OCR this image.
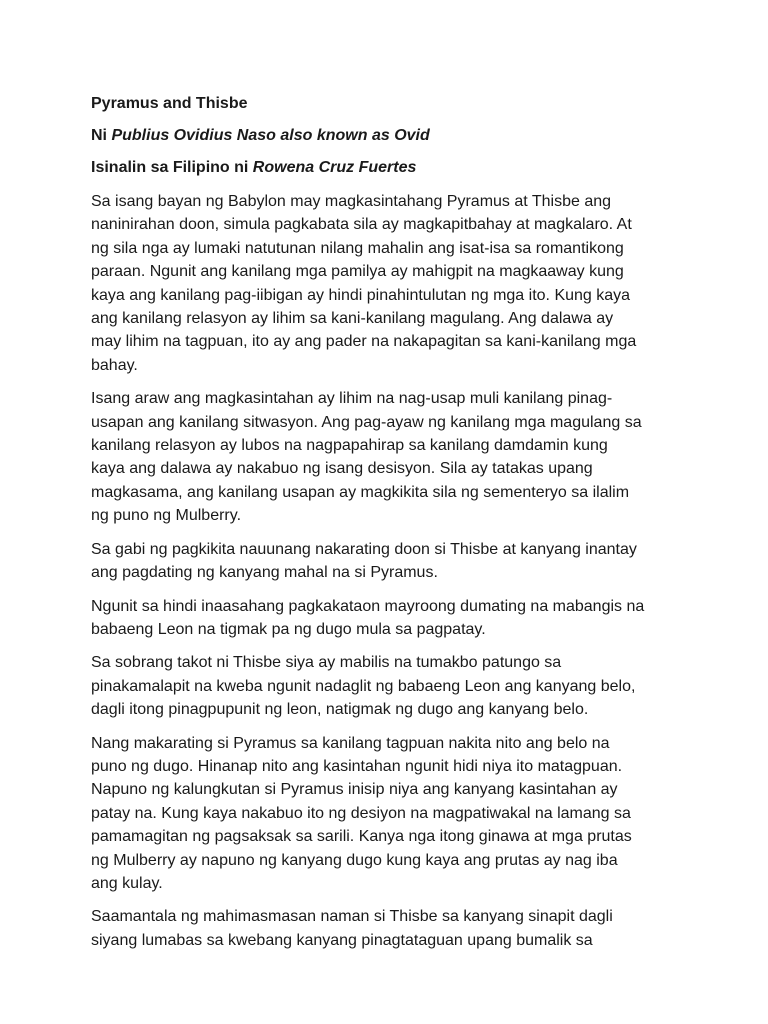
Pyramus and Thisbe
Ni Publius Ovidius Naso also known as Ovid
Isinalin sa Filipino ni Rowena Cruz Fuertes
Sa isang bayan ng Babylon may magkasintahang Pyramus at Thisbe ang
naninirahan doon, simula pagkabata sila ay magkapitbahay at magkalaro. At
ng sila nga ay lumaki natutunan nilang mahalin ang isat-isa sa romantikong
paraan. Ngunit ang kanilang mga pamilya ay mahigpit na magkaaway kung
kaya ang kanilang pag-iibigan ay hindi pinahintulutan ng mga ito. Kung kaya
ang kanilang relasyon ay lihim sa kani-kanilang magulang. Ang dalawa ay
may lihim na tagpuan, ito ay ang pader na nakapagitan sa kani-kanilang mga
bahay.
Isang araw ang magkasintahan ay lihim na nag-usap muli kanilang pinag-
usapan ang kanilang sitwasyon. Ang pag-ayaw ng kanilang mga magulang sa
kanilang relasyon ay lubos na nagpapahirap sa kanilang damdamin kung
kaya ang dalawa ay nakabuo ng isang desisyon. Sila ay tatakas upang
magkasama, ang kanilang usapan ay magkikita sila ng sementeryo sa ilalim
ng puno ng Mulberry.
Sa gabi ng pagkikita nauunang nakarating doon si Thisbe at kanyang inantay
ang pagdating ng kanyang mahal na si Pyramus.
Ngunit sa hindi inaasahang pagkakataon mayroong dumating na mabangis na
babaeng Leon na tigmak pa ng dugo mula sa pagpatay.
Sa sobrang takot ni Thisbe siya ay mabilis na tumakbo patungo sa
pinakamalapit na kweba ngunit nadaglit ng babaeng Leon ang kanyang belo,
dagli itong pinagpupunit ng leon, natigmak ng dugo ang kanyang belo.
Nang makarating si Pyramus sa kanilang tagpuan nakita nito ang belo na
puno ng dugo. Hinanap nito ang kasintahan ngunit hidi niya ito matagpuan.
Napuno ng kalungkutan si Pyramus inisip niya ang kanyang kasintahan ay
patay na. Kung kaya nakabuo ito ng desiyon na magpatiwakal na lamang sa
pamamagitan ng pagsaksak sa sarili. Kanya nga itong ginawa at mga prutas
ng Mulberry ay napuno ng kanyang dugo kung kaya ang prutas ay nag iba
ang kulay.
Saamantala ng mahimasmasan naman si Thisbe sa kanyang sinapit dagli
siyang lumabas sa kwebang kanyang pinagtataguan upang bumalik sa
